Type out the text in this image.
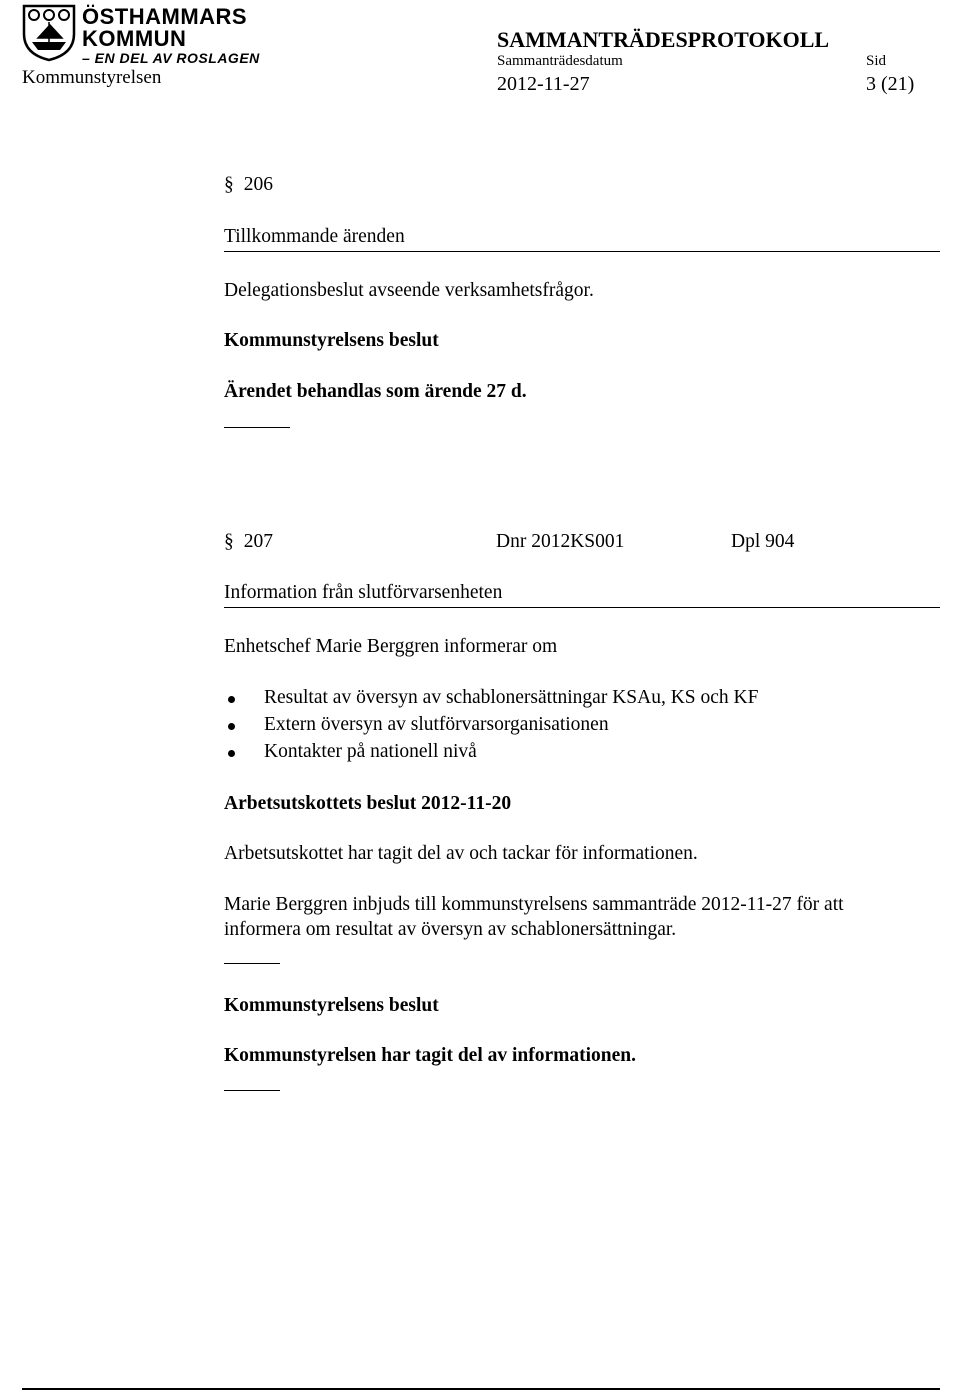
ÖSTHAMMARS
KOMMUN
– EN DEL AV ROSLAGEN
Kommunstyrelsen
SAMMANTRÄDESPROTOKOLL
Sammanträdesdatum	Sid
2012-11-27	3 (21)
§ 206
Tillkommande ärenden
Delegationsbeslut avseende verksamhetsfrågor.
Kommunstyrelsens beslut
Ärendet behandlas som ärende 27 d.
§ 207	Dnr 2012KS001	Dpl 904
Information från slutförvarsenheten
Enhetschef Marie Berggren informerar om
Resultat av översyn av schablonersättningar KSAu, KS och KF
Extern översyn av slutförvarsorganisationen
Kontakter på nationell nivå
Arbetsutskottets beslut 2012-11-20
Arbetsutskottet har tagit del av och tackar för informationen.
Marie Berggren inbjuds till kommunstyrelsens sammanträde 2012-11-27 för att
informera om resultat av översyn av schablonersättningar.
Kommunstyrelsens beslut
Kommunstyrelsen har tagit del av informationen.
